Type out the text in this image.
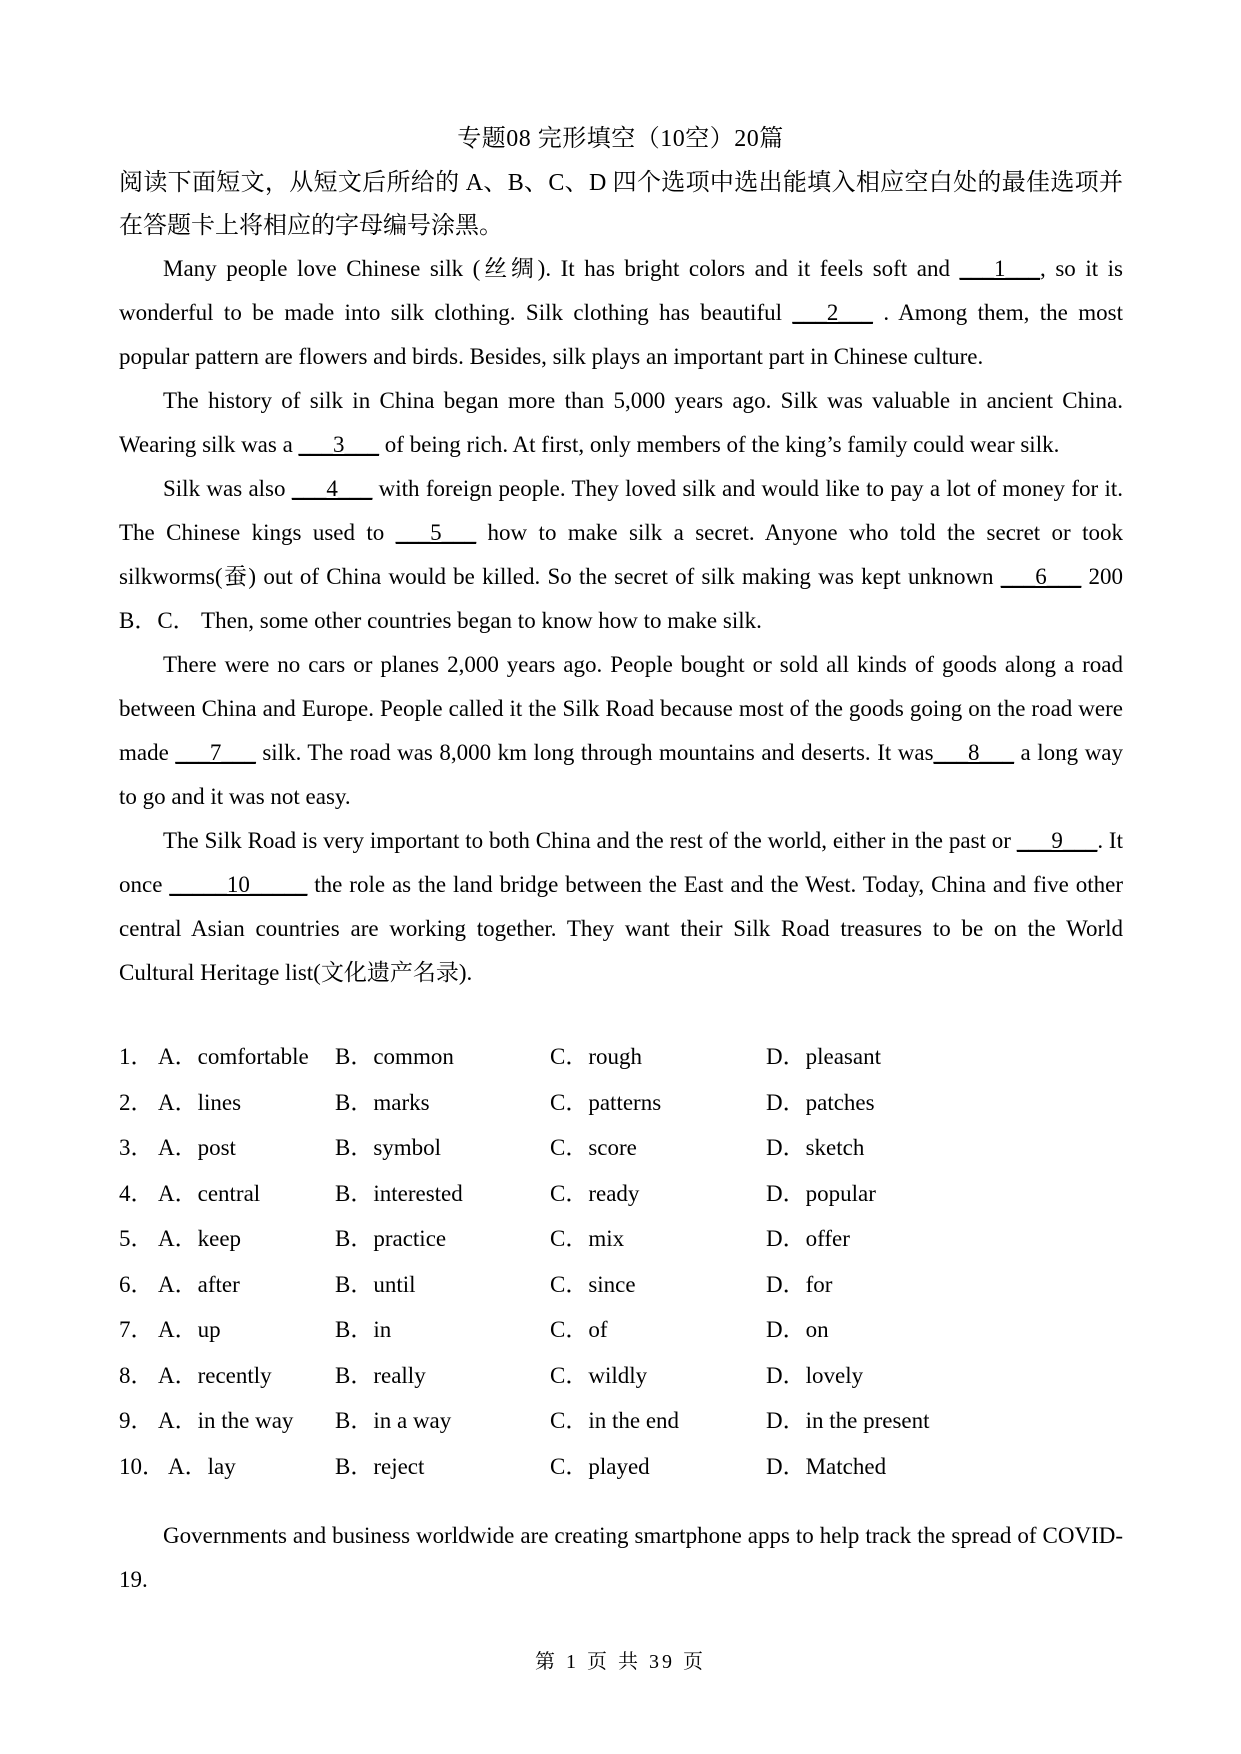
专题08 完形填空（10空）20篇
阅读下面短文，从短文后所给的 A、B、C、D 四个选项中选出能填入相应空白处的最佳选项并在答题卡上将相应的字母编号涂黑。

Many people love Chinese silk (丝绸). It has bright colors and it feels soft and ___1___, so it is wonderful to be made into silk clothing. Silk clothing has beautiful ___2___ . Among them, the most popular pattern are flowers and birds. Besides, silk plays an important part in Chinese culture.

The history of silk in China began more than 5,000 years ago. Silk was valuable in ancient China. Wearing silk was a ___3___ of being rich. At first, only members of the king’s family could wear silk.

Silk was also ___4___ with foreign people. They loved silk and would like to pay a lot of money for it. The Chinese kings used to ___5___ how to make silk a secret. Anyone who told the secret or took silkworms(蚕) out of China would be killed. So the secret of silk making was kept unknown ___6___ 200 B．C． Then, some other countries began to know how to make silk.

There were no cars or planes 2,000 years ago. People bought or sold all kinds of goods along a road between China and Europe. People called it the Silk Road because most of the goods going on the road were made ___7___ silk. The road was 8,000 km long through mountains and deserts. It was___8___ a long way to go and it was not easy.

The Silk Road is very important to both China and the rest of the world, either in the past or ___9___. It once _____10_____ the role as the land bridge between the East and the West. Today, China and five other central Asian countries are working together. They want their Silk Road treasures to be on the World Cultural Heritage list(文化遗产名录).

1． A．comfortable B．common	C．rough	D．pleasant
2． A．lines	B．marks	C．patterns	D．patches
3． A．post	B．symbol	C．score	D．sketch
4． A．central	B．interested	C．ready	D．popular
5． A．keep	B．practice	C．mix	D．offer
6． A．after	B．until	C．since	D．for
7． A．up	B．in	C．of	D．on
8． A．recently	B．really	C．wildly	D．lovely
9． A．in the way B．in a way	C．in the end	D．in the present
10． A．lay	B．reject	C．played	D．Matched

Governments and business worldwide are creating smartphone apps to help track the spread of COVID-19.

第 1 页 共 39 页
